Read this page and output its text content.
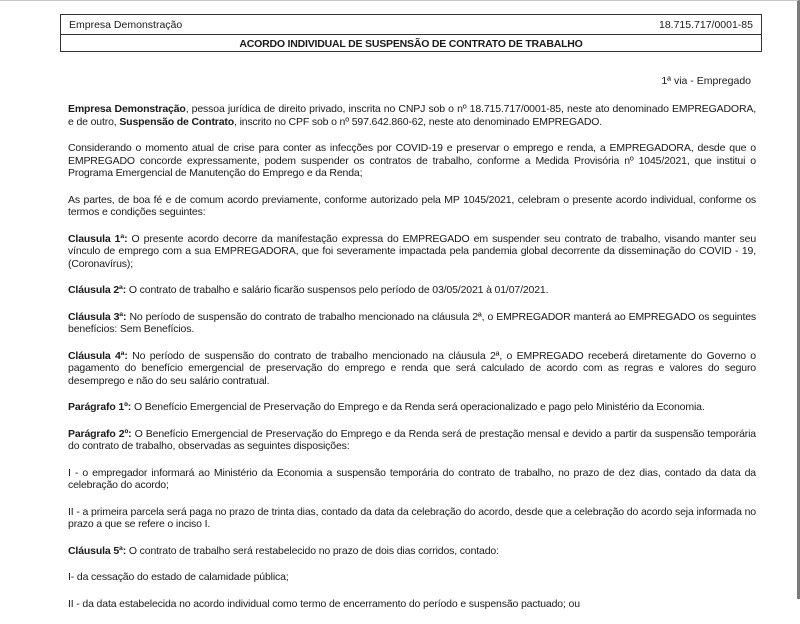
Empresa Demonstração	18.715.717/0001-85
ACORDO INDIVIDUAL DE SUSPENSÃO DE CONTRATO DE TRABALHO
1ª via - Empregado

Empresa Demonstração, pessoa jurídica de direito privado, inscrita no CNPJ sob o nº 18.715.717/0001-85, neste ato denominado EMPREGADORA, e de outro, Suspensão de Contrato, inscrito no CPF sob o nº 597.642.860-62, neste ato denominado EMPREGADO.

Considerando o momento atual de crise para conter as infecções por COVID-19 e preservar o emprego e renda, a EMPREGADORA, desde que o EMPREGADO concorde expressamente, podem suspender os contratos de trabalho, conforme a Medida Provisória nº 1045/2021, que institui o Programa Emergencial de Manutenção do Emprego e da Renda;

As partes, de boa fé e de comum acordo previamente, conforme autorizado pela MP 1045/2021, celebram o presente acordo individual, conforme os termos e condições seguintes:

Clausula 1ª: O presente acordo decorre da manifestação expressa do EMPREGADO em suspender seu contrato de trabalho, visando manter seu vínculo de emprego com a sua EMPREGADORA, que foi severamente impactada pela pandemia global decorrente da disseminação do COVID - 19, (Coronavírus);

Cláusula 2ª: O contrato de trabalho e salário ficarão suspensos pelo período de 03/05/2021 à 01/07/2021.

Cláusula 3ª: No período de suspensão do contrato de trabalho mencionado na cláusula 2ª, o EMPREGADOR manterá ao EMPREGADO os seguintes benefícios: Sem Benefícios.

Cláusula 4ª: No período de suspensão do contrato de trabalho mencionado na cláusula 2ª, o EMPREGADO receberá diretamente do Governo o pagamento do benefício emergencial de preservação do emprego e renda que será calculado de acordo com as regras e valores do seguro desemprego e não do seu salário contratual.

Parágrafo 1º: O Benefício Emergencial de Preservação do Emprego e da Renda será operacionalizado e pago pelo Ministério da Economia.

Parágrafo 2º: O Benefício Emergencial de Preservação do Emprego e da Renda será de prestação mensal e devido a partir da suspensão temporária do contrato de trabalho, observadas as seguintes disposições:

I - o empregador informará ao Ministério da Economia a suspensão temporária do contrato de trabalho, no prazo de dez dias, contado da data da celebração do acordo;

II - a primeira parcela será paga no prazo de trinta dias, contado da data da celebração do acordo, desde que a celebração do acordo seja informada no prazo a que se refere o inciso I.

Cláusula 5ª: O contrato de trabalho será restabelecido no prazo de dois dias corridos, contado:

I- da cessação do estado de calamidade pública;

II - da data estabelecida no acordo individual como termo de encerramento do período e suspensão pactuado; ou
